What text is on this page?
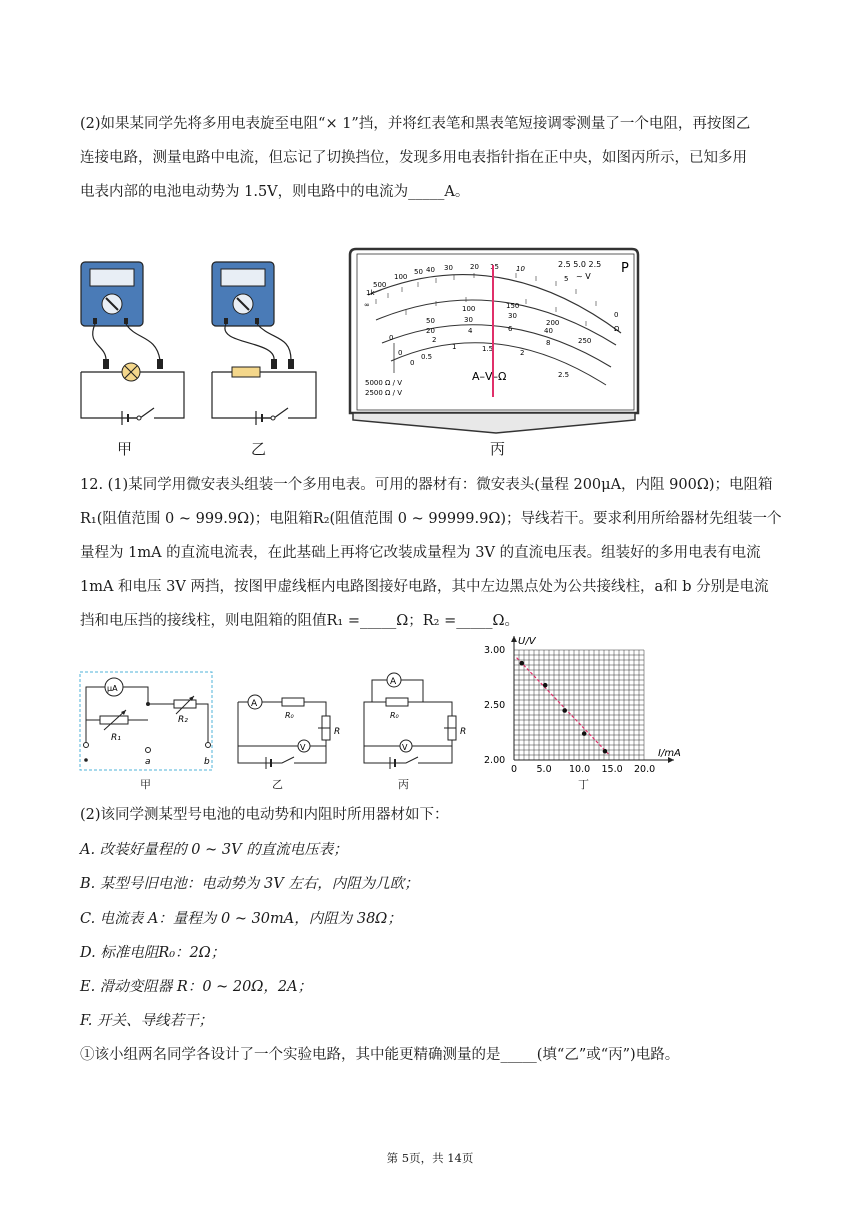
(2)如果某同学先将多用电表旋至电阻“× 1”挡，并将红表笔和黑表笔短接调零测量了一个电阻，再按图乙
连接电路，测量电路中电流，但忘记了切换挡位，发现多用电表指针指在正中央，如图丙所示，已知多用
电表内部的电池电动势为 1.5V，则电路中的电流为_____A。
∞
1k
500
100
50 40 30 20 15 10
5
0
Ω
0
50
100	150
200
250
20
30	30
40
0
2
4	6
8
0
0.5
1	1.5	2
2.5
2.5 5.0 2.5 P
~ V
A–V–Ω
5000 Ω / V
2500 Ω / V
甲	乙	丙
12. (1)某同学用微安表头组装一个多用电表。可用的器材有：微安表头(量程 200μA，内阻 900Ω)；电阻箱
R₁(阻值范围 0 ~ 999.9Ω)；电阻箱R₂(阻值范围 0 ~ 99999.9Ω)；导线若干。要求利用所给器材先组装一个
量程为 1mA 的直流电流表，在此基础上再将它改装成量程为 3V 的直流电压表。组装好的多用电表有电流
1mA 和电压 3V 两挡，按图甲虚线框内电路图接好电路，其中左边黑点处为公共接线柱，a和 b 分别是电流
挡和电压挡的接线柱，则电阻箱的阻值R₁ =_____Ω；R₂ =_____Ω。
μA
R₁
R₂
a	b
A
R₀
R
V
A
R₀
R
V
甲	乙	丙
0 5.0 10.0 15.0 20.0
2.00
2.50
3.00
U/V
I/mA
丁
(2)该同学测某型号电池的电动势和内阻时所用器材如下：
A. 改装好量程的 0 ~ 3V 的直流电压表；
B. 某型号旧电池：电动势为 3V 左右，内阻为几欧；
C. 电流表 A：量程为 0 ~ 30mA，内阻为 38Ω；
D. 标准电阻R₀：2Ω；
E. 滑动变阻器 R：0 ~ 20Ω，2A；
F. 开关、导线若干；
①该小组两名同学各设计了一个实验电路，其中能更精确测量的是_____(填“乙”或“丙”)电路。
第 5页，共 14页
